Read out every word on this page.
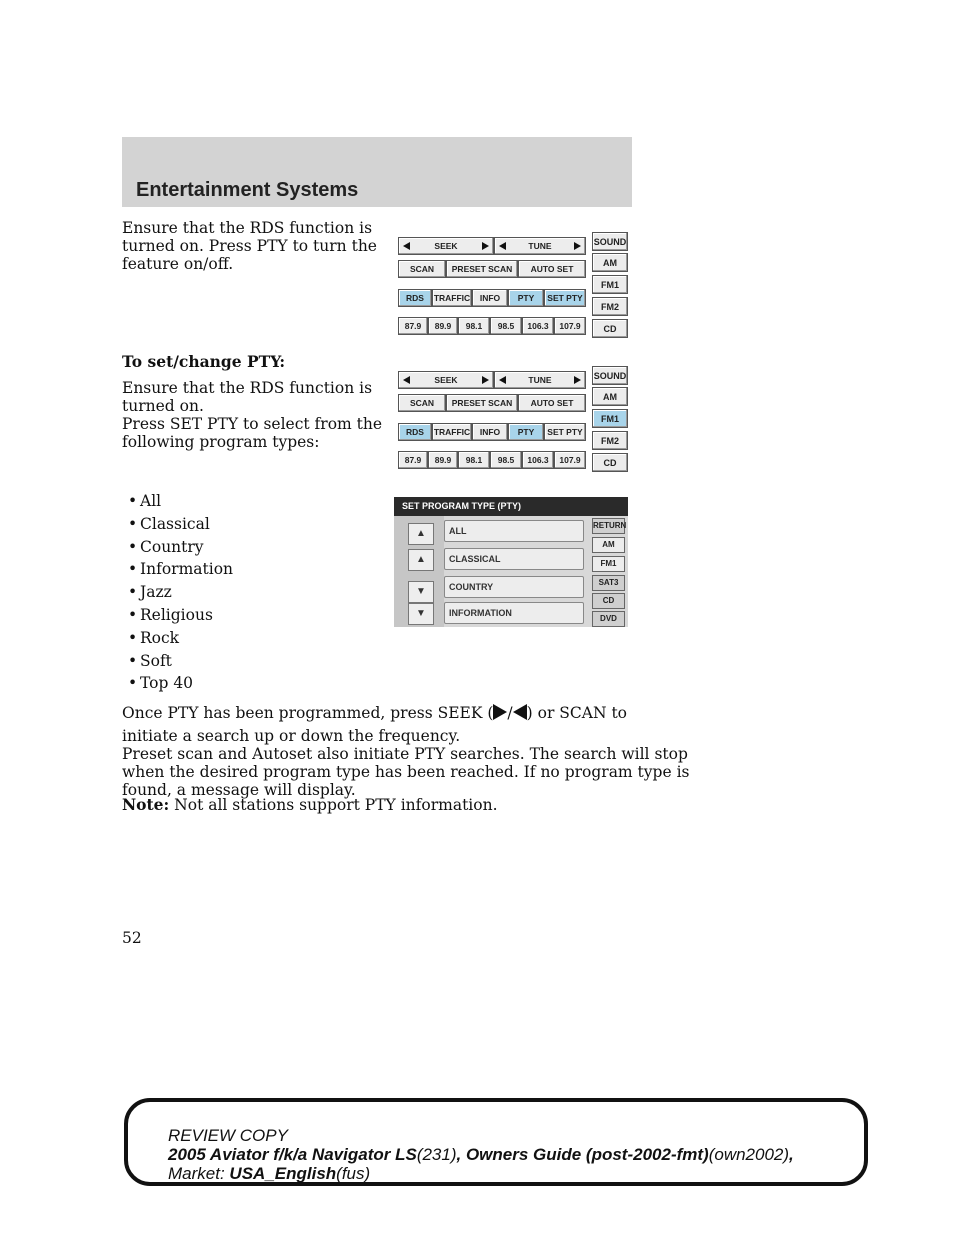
Entertainment Systems
Ensure that the RDS function is
turned on. Press PTY to turn the
feature on/off.
SEEK	TUNE
SCAN	PRESET SCAN	AUTO SET
RDS	TRAFFIC	INFO	PTY	SET PTY
87.9	89.9	98.1	98.5	106.3	107.9
SOUND
AM
FM1
FM2
CD
To set/change PTY:
Ensure that the RDS function is
turned on.
Press SET PTY to select from the
following program types:
SEEK	TUNE
SCAN	PRESET SCAN	AUTO SET
RDS	TRAFFIC	INFO	PTY	SET PTY
87.9	89.9	98.1	98.5	106.3	107.9
SOUND
AM
FM1
FM2
CD
• All
• Classical
• Country
• Information
• Jazz
• Religious
• Rock
• Soft
• Top 40
SET PROGRAM TYPE (PTY)
▲
▲
▼
▼
ALL
CLASSICAL
COUNTRY
INFORMATION
RETURN
AM
FM1
SAT3
CD
DVD
Once PTY has been programmed, press SEEK ( / ) or SCAN to
initiate a search up or down the frequency.
Preset scan and Autoset also initiate PTY searches. The search will stop
when the desired program type has been reached. If no program type is
found, a message will display.
Note: Not all stations support PTY information.
52
REVIEW COPY
2005 Aviator f/k/a Navigator LS(231), Owners Guide (post-2002-fmt)(own2002),
Market: USA_English(fus)
